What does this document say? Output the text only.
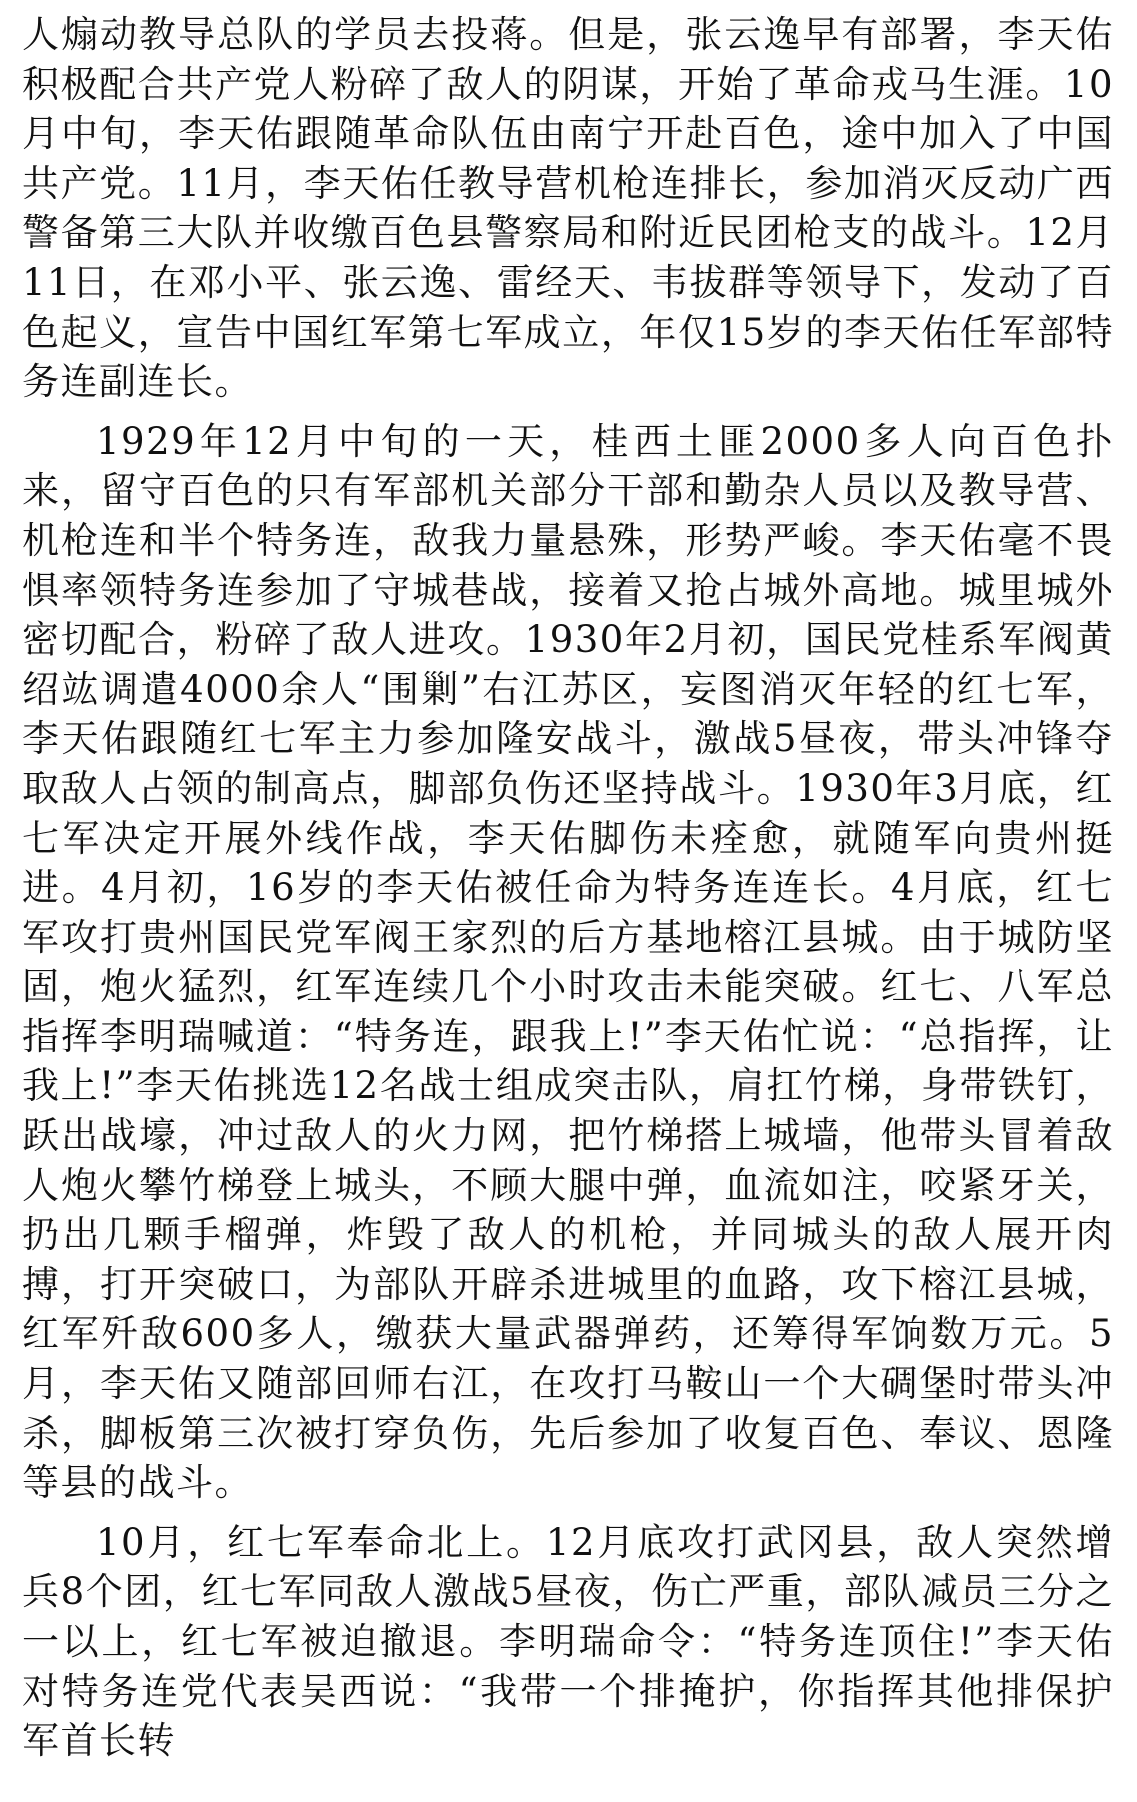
人煽动教导总队的学员去投蒋。但是，张云逸早有部署，李天佑积极配合共产党人粉碎了敌人的阴谋，开始了革命戎马生涯。10月中旬，李天佑跟随革命队伍由南宁开赴百色，途中加入了中国共产党。11月，李天佑任教导营机枪连排长，参加消灭反动广西警备第三大队并收缴百色县警察局和附近民团枪支的战斗。12月11日，在邓小平、张云逸、雷经天、韦拔群等领导下，发动了百色起义，宣告中国红军第七军成立，年仅15岁的李天佑任军部特务连副连长。

1929年12月中旬的一天，桂西土匪2000多人向百色扑来，留守百色的只有军部机关部分干部和勤杂人员以及教导营、机枪连和半个特务连，敌我力量悬殊，形势严峻。李天佑毫不畏惧率领特务连参加了守城巷战，接着又抢占城外高地。城里城外密切配合，粉碎了敌人进攻。1930年2月初，国民党桂系军阀黄绍竑调遣4000余人“围剿”右江苏区，妄图消灭年轻的红七军，李天佑跟随红七军主力参加隆安战斗，激战5昼夜，带头冲锋夺取敌人占领的制高点，脚部负伤还坚持战斗。1930年3月底，红七军决定开展外线作战，李天佑脚伤未痊愈，就随军向贵州挺进。4月初，16岁的李天佑被任命为特务连连长。4月底，红七军攻打贵州国民党军阀王家烈的后方基地榕江县城。由于城防坚固，炮火猛烈，红军连续几个小时攻击未能突破。红七、八军总指挥李明瑞喊道：“特务连，跟我上!”李天佑忙说：“总指挥，让我上!”李天佑挑选12名战士组成突击队，肩扛竹梯，身带铁钉，跃出战壕，冲过敌人的火力网，把竹梯搭上城墙，他带头冒着敌人炮火攀竹梯登上城头，不顾大腿中弹，血流如注，咬紧牙关，扔出几颗手榴弹，炸毁了敌人的机枪，并同城头的敌人展开肉搏，打开突破口，为部队开辟杀进城里的血路，攻下榕江县城，红军歼敌600多人，缴获大量武器弹药，还筹得军饷数万元。5月，李天佑又随部回师右江，在攻打马鞍山一个大碉堡时带头冲杀，脚板第三次被打穿负伤，先后参加了收复百色、奉议、恩隆等县的战斗。

10月，红七军奉命北上。12月底攻打武冈县，敌人突然增兵8个团，红七军同敌人激战5昼夜，伤亡严重，部队减员三分之一以上，红七军被迫撤退。李明瑞命令：“特务连顶住!”李天佑对特务连党代表吴西说：“我带一个排掩护，你指挥其他排保护军首长转
